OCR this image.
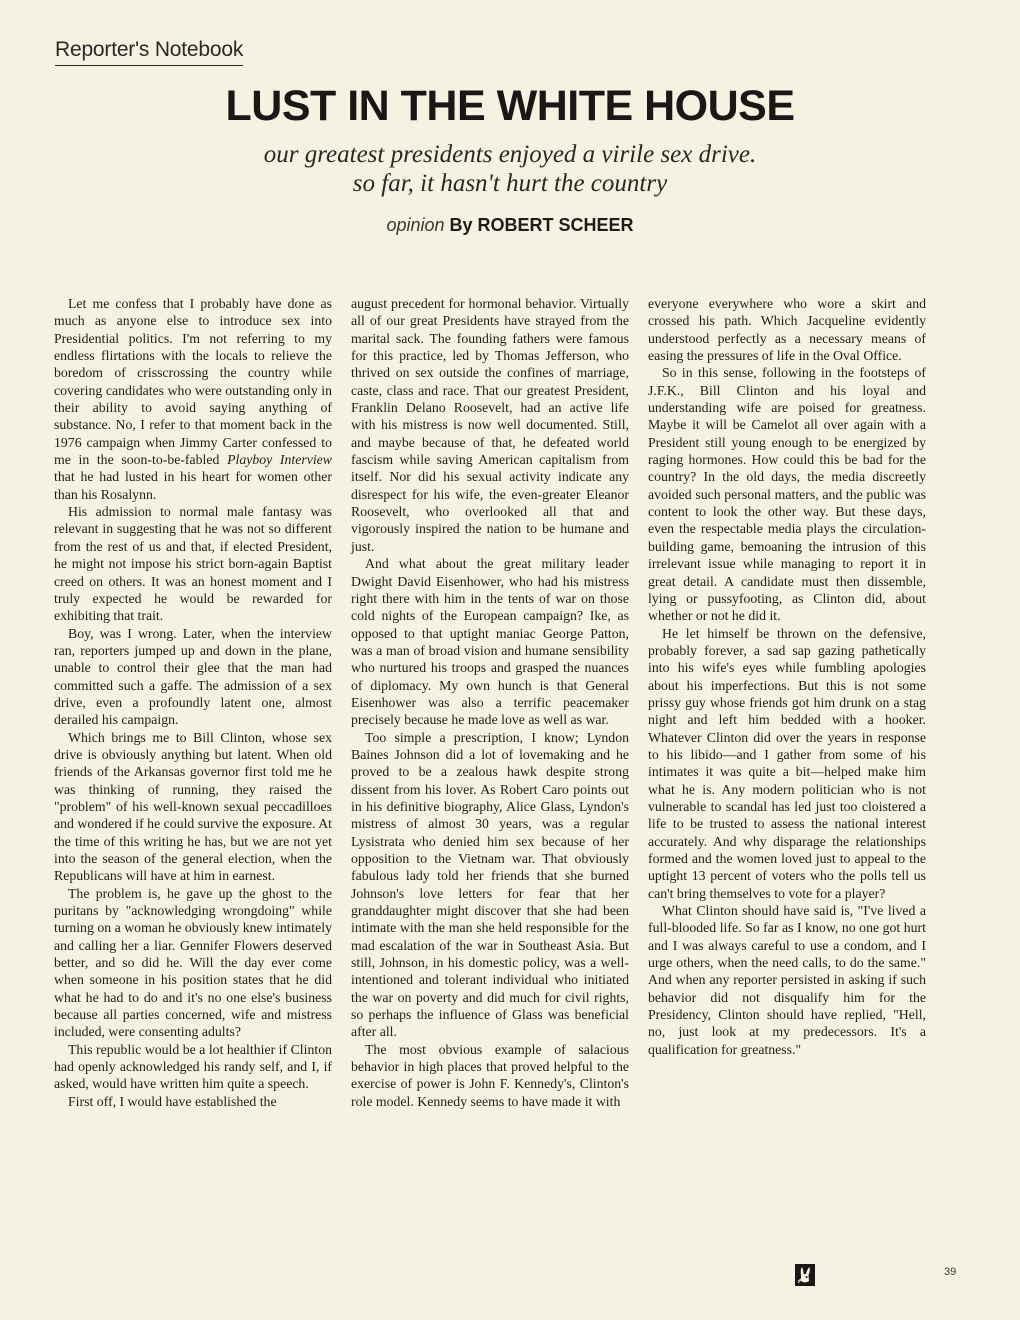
Reporter's Notebook
LUST IN THE WHITE HOUSE
our greatest presidents enjoyed a virile sex drive.
so far, it hasn't hurt the country
opinion By ROBERT SCHEER

Let me confess that I probably have done as much as anyone else to introduce sex into Presidential politics. I'm not referring to my endless flirtations with the locals to relieve the boredom of crisscrossing the country while covering candidates who were outstanding only in their ability to avoid saying anything of substance. No, I refer to that moment back in the 1976 campaign when Jimmy Carter confessed to me in the soon-to-be-fabled Playboy Interview that he had lusted in his heart for women other than his Rosalynn.

His admission to normal male fantasy was relevant in suggesting that he was not so different from the rest of us and that, if elected President, he might not impose his strict born-again Baptist creed on others. It was an honest moment and I truly expected he would be rewarded for exhibiting that trait.

Boy, was I wrong. Later, when the interview ran, reporters jumped up and down in the plane, unable to control their glee that the man had committed such a gaffe. The admission of a sex drive, even a profoundly latent one, almost derailed his campaign.

Which brings me to Bill Clinton, whose sex drive is obviously anything but latent. When old friends of the Arkansas governor first told me he was thinking of running, they raised the "problem" of his well-known sexual peccadilloes and wondered if he could survive the exposure. At the time of this writing he has, but we are not yet into the season of the general election, when the Republicans will have at him in earnest.

The problem is, he gave up the ghost to the puritans by "acknowledging wrongdoing" while turning on a woman he obviously knew intimately and calling her a liar. Gennifer Flowers deserved better, and so did he. Will the day ever come when someone in his position states that he did what he had to do and it's no one else's business because all parties concerned, wife and mistress included, were consenting adults?

This republic would be a lot healthier if Clinton had openly acknowledged his randy self, and I, if asked, would have written him quite a speech.

First off, I would have established the

august precedent for hormonal behavior. Virtually all of our great Presidents have strayed from the marital sack. The founding fathers were famous for this practice, led by Thomas Jefferson, who thrived on sex outside the confines of marriage, caste, class and race. That our greatest President, Franklin Delano Roosevelt, had an active life with his mistress is now well documented. Still, and maybe because of that, he defeated world fascism while saving American capitalism from itself. Nor did his sexual activity indicate any disrespect for his wife, the even-greater Eleanor Roosevelt, who overlooked all that and vigorously inspired the nation to be humane and just.

And what about the great military leader Dwight David Eisenhower, who had his mistress right there with him in the tents of war on those cold nights of the European campaign? Ike, as opposed to that uptight maniac George Patton, was a man of broad vision and humane sensibility who nurtured his troops and grasped the nuances of diplomacy. My own hunch is that General Eisenhower was also a terrific peacemaker precisely because he made love as well as war.

Too simple a prescription, I know; Lyndon Baines Johnson did a lot of lovemaking and he proved to be a zealous hawk despite strong dissent from his lover. As Robert Caro points out in his definitive biography, Alice Glass, Lyndon's mistress of almost 30 years, was a regular Lysistrata who denied him sex because of her opposition to the Vietnam war. That obviously fabulous lady told her friends that she burned Johnson's love letters for fear that her granddaughter might discover that she had been intimate with the man she held responsible for the mad escalation of the war in Southeast Asia. But still, Johnson, in his domestic policy, was a well-intentioned and tolerant individual who initiated the war on poverty and did much for civil rights, so perhaps the influence of Glass was beneficial after all.

The most obvious example of salacious behavior in high places that proved helpful to the exercise of power is John F. Kennedy's, Clinton's role model. Kennedy seems to have made it with

everyone everywhere who wore a skirt and crossed his path. Which Jacqueline evidently understood perfectly as a necessary means of easing the pressures of life in the Oval Office.

So in this sense, following in the footsteps of J.F.K., Bill Clinton and his loyal and understanding wife are poised for greatness. Maybe it will be Camelot all over again with a President still young enough to be energized by raging hormones. How could this be bad for the country? In the old days, the media discreetly avoided such personal matters, and the public was content to look the other way. But these days, even the respectable media plays the circulation-building game, bemoaning the intrusion of this irrelevant issue while managing to report it in great detail. A candidate must then dissemble, lying or pussyfooting, as Clinton did, about whether or not he did it.

He let himself be thrown on the defensive, probably forever, a sad sap gazing pathetically into his wife's eyes while fumbling apologies about his imperfections. But this is not some prissy guy whose friends got him drunk on a stag night and left him bedded with a hooker. Whatever Clinton did over the years in response to his libido—and I gather from some of his intimates it was quite a bit—helped make him what he is. Any modern politician who is not vulnerable to scandal has led just too cloistered a life to be trusted to assess the national interest accurately. And why disparage the relationships formed and the women loved just to appeal to the uptight 13 percent of voters who the polls tell us can't bring themselves to vote for a player?

What Clinton should have said is, "I've lived a full-blooded life. So far as I know, no one got hurt and I was always careful to use a condom, and I urge others, when the need calls, to do the same." And when any reporter persisted in asking if such behavior did not disqualify him for the Presidency, Clinton should have replied, "Hell, no, just look at my predecessors. It's a qualification for greatness."

39
